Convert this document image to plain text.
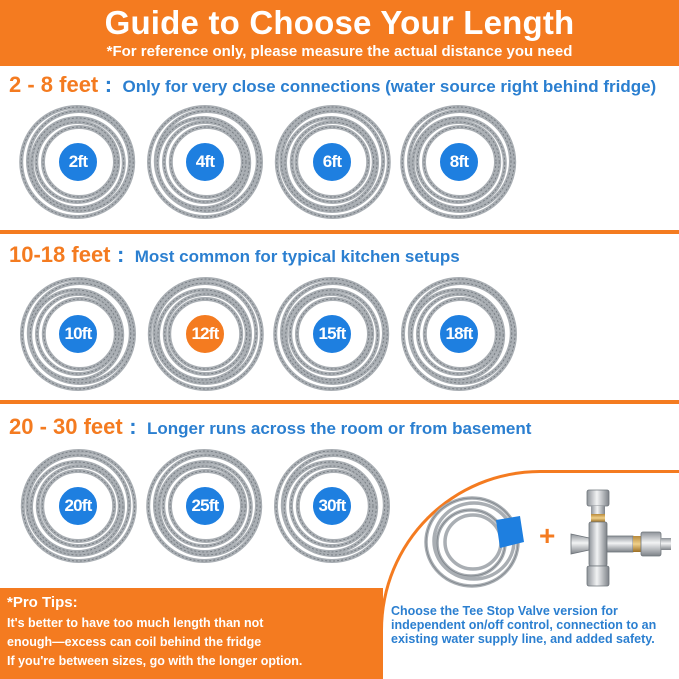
Guide to Choose Your Length
*For reference only, please measure the actual distance you need
2 - 8 feet : Only for very close connections (water source right behind fridge)
2ft	4ft	6ft	8ft
10-18 feet : Most common for typical kitchen setups
10ft	12ft	15ft	18ft
20 - 30 feet : Longer runs across the room or from basement
20ft	25ft	30ft
+
Choose the Tee Stop Valve version for independent on/off control, connection to an existing water supply line, and added safety.
*Pro Tips:
It's better to have too much length than not
enough—excess can coil behind the fridge
If you're between sizes, go with the longer option.
